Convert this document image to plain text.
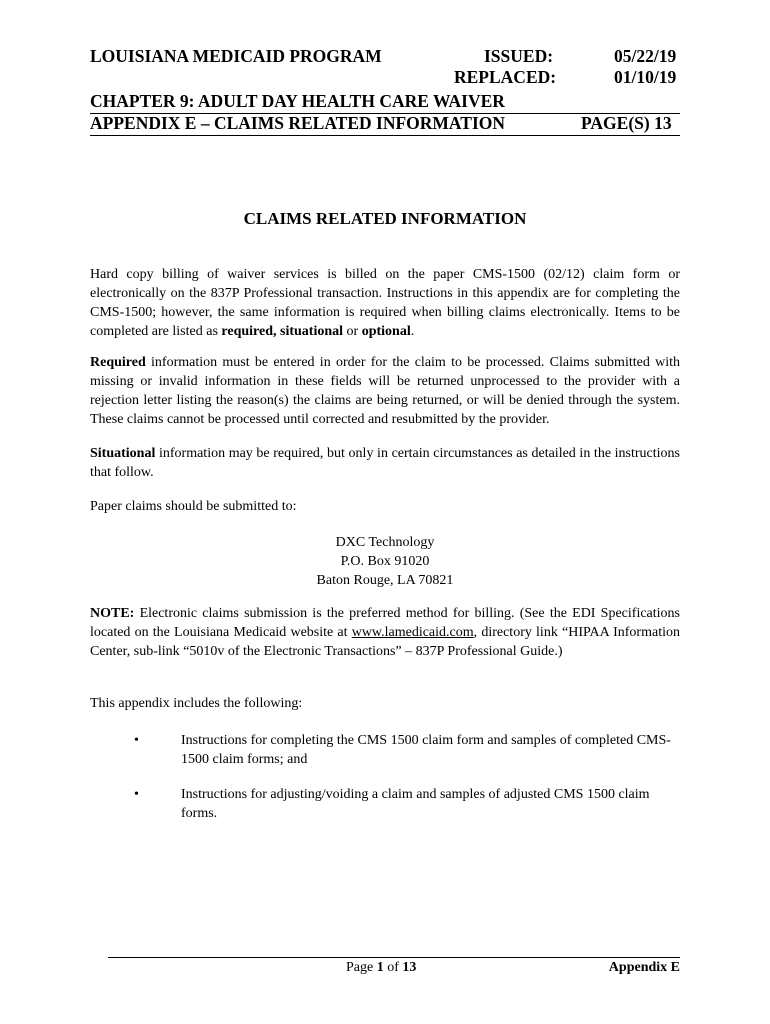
LOUISIANA MEDICAID PROGRAM	ISSUED:	05/22/19
REPLACED:	01/10/19
CHAPTER 9: ADULT DAY HEALTH CARE WAIVER
APPENDIX E – CLAIMS RELATED INFORMATION	PAGE(S) 13
CLAIMS RELATED INFORMATION
Hard copy billing of waiver services is billed on the paper CMS-1500 (02/12) claim form or electronically on the 837P Professional transaction. Instructions in this appendix are for completing the CMS-1500; however, the same information is required when billing claims electronically. Items to be completed are listed as required, situational or optional.
Required information must be entered in order for the claim to be processed. Claims submitted with missing or invalid information in these fields will be returned unprocessed to the provider with a rejection letter listing the reason(s) the claims are being returned, or will be denied through the system. These claims cannot be processed until corrected and resubmitted by the provider.
Situational information may be required, but only in certain circumstances as detailed in the instructions that follow.
Paper claims should be submitted to:
DXC Technology
P.O. Box 91020
Baton Rouge, LA 70821
NOTE: Electronic claims submission is the preferred method for billing. (See the EDI Specifications located on the Louisiana Medicaid website at www.lamedicaid.com, directory link “HIPAA Information Center, sub-link “5010v of the Electronic Transactions” – 837P Professional Guide.)
This appendix includes the following:
•	Instructions for completing the CMS 1500 claim form and samples of completed CMS-1500 claim forms; and
•	Instructions for adjusting/voiding a claim and samples of adjusted CMS 1500 claim forms.
Page 1 of 13	Appendix E
